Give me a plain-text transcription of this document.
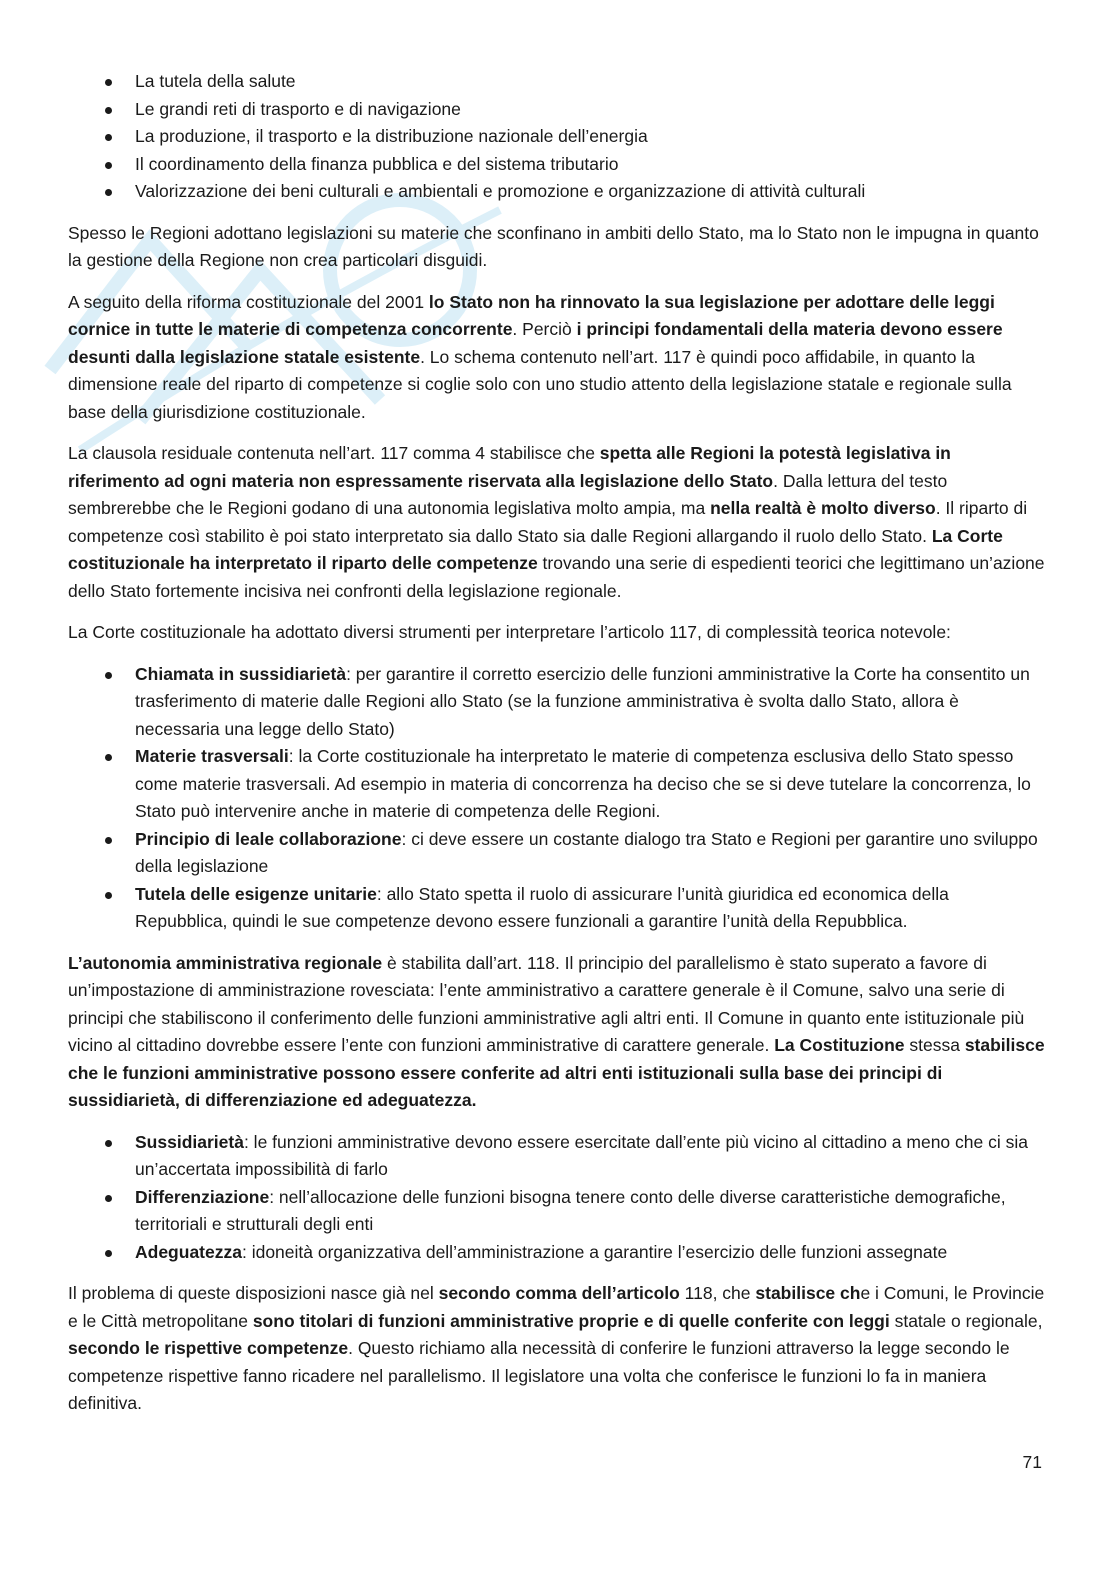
La tutela della salute
Le grandi reti di trasporto e di navigazione
La produzione, il trasporto e la distribuzione nazionale dell’energia
Il coordinamento della finanza pubblica e del sistema tributario
Valorizzazione dei beni culturali e ambientali e promozione e organizzazione di attività culturali

Spesso le Regioni adottano legislazioni su materie che sconfinano in ambiti dello Stato, ma lo Stato non le impugna in quanto la gestione della Regione non crea particolari disguidi.

A seguito della riforma costituzionale del 2001 lo Stato non ha rinnovato la sua legislazione per adottare delle leggi cornice in tutte le materie di competenza concorrente. Perciò i principi fondamentali della materia devono essere desunti dalla legislazione statale esistente. Lo schema contenuto nell’art. 117 è quindi poco affidabile, in quanto la dimensione reale del riparto di competenze si coglie solo con uno studio attento della legislazione statale e regionale sulla base della giurisdizione costituzionale.

La clausola residuale contenuta nell’art. 117 comma 4 stabilisce che spetta alle Regioni la potestà legislativa in riferimento ad ogni materia non espressamente riservata alla legislazione dello Stato. Dalla lettura del testo sembrerebbe che le Regioni godano di una autonomia legislativa molto ampia, ma nella realtà è molto diverso. Il riparto di competenze così stabilito è poi stato interpretato sia dallo Stato sia dalle Regioni allargando il ruolo dello Stato. La Corte costituzionale ha interpretato il riparto delle competenze trovando una serie di espedienti teorici che legittimano un’azione dello Stato fortemente incisiva nei confronti della legislazione regionale.

La Corte costituzionale ha adottato diversi strumenti per interpretare l’articolo 117, di complessità teorica notevole:

Chiamata in sussidiarietà: per garantire il corretto esercizio delle funzioni amministrative la Corte ha consentito un trasferimento di materie dalle Regioni allo Stato (se la funzione amministrativa è svolta dallo Stato, allora è necessaria una legge dello Stato)
Materie trasversali: la Corte costituzionale ha interpretato le materie di competenza esclusiva dello Stato spesso come materie trasversali. Ad esempio in materia di concorrenza ha deciso che se si deve tutelare la concorrenza, lo Stato può intervenire anche in materie di competenza delle Regioni.
Principio di leale collaborazione: ci deve essere un costante dialogo tra Stato e Regioni per garantire uno sviluppo della legislazione
Tutela delle esigenze unitarie: allo Stato spetta il ruolo di assicurare l’unità giuridica ed economica della Repubblica, quindi le sue competenze devono essere funzionali a garantire l’unità della Repubblica.

L’autonomia amministrativa regionale è stabilita dall’art. 118. Il principio del parallelismo è stato superato a favore di un’impostazione di amministrazione rovesciata: l’ente amministrativo a carattere generale è il Comune, salvo una serie di principi che stabiliscono il conferimento delle funzioni amministrative agli altri enti. Il Comune in quanto ente istituzionale più vicino al cittadino dovrebbe essere l’ente con funzioni amministrative di carattere generale. La Costituzione stessa stabilisce che le funzioni amministrative possono essere conferite ad altri enti istituzionali sulla base dei principi di sussidiarietà, di differenziazione ed adeguatezza.

Sussidiarietà: le funzioni amministrative devono essere esercitate dall’ente più vicino al cittadino a meno che ci sia un’accertata impossibilità di farlo
Differenziazione: nell’allocazione delle funzioni bisogna tenere conto delle diverse caratteristiche demografiche, territoriali e strutturali degli enti
Adeguatezza: idoneità organizzativa dell’amministrazione a garantire l’esercizio delle funzioni assegnate

Il problema di queste disposizioni nasce già nel secondo comma dell’articolo 118, che stabilisce che i Comuni, le Provincie e le Città metropolitane sono titolari di funzioni amministrative proprie e di quelle conferite con leggi statale o regionale, secondo le rispettive competenze. Questo richiamo alla necessità di conferire le funzioni attraverso la legge secondo le competenze rispettive fanno ricadere nel parallelismo. Il legislatore una volta che conferisce le funzioni lo fa in maniera definitiva.

71
